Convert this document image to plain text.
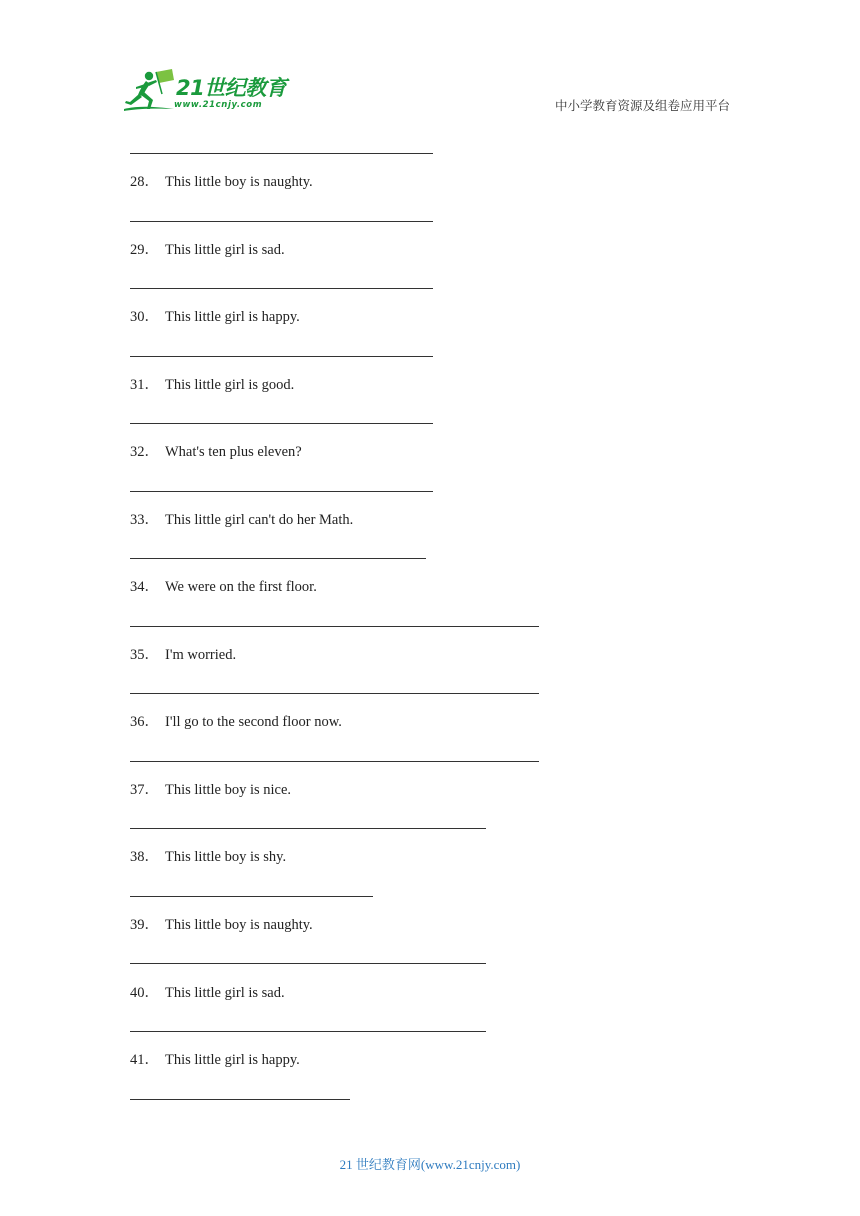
21世纪教育
www.21cnjy.com	中小学教育资源及组卷应用平台
28． This little boy is naughty.
29． This little girl is sad.
30． This little girl is happy.
31． This little girl is good.
32． What's ten plus eleven?
33． This little girl can't do her Math.
34． We were on the first floor.
35． I'm worried.
36． I'll go to the second floor now.
37． This little boy is nice.
38． This little boy is shy.
39． This little boy is naughty.
40． This little girl is sad.
41． This little girl is happy.
21 世纪教育网(www.21cnjy.com)
